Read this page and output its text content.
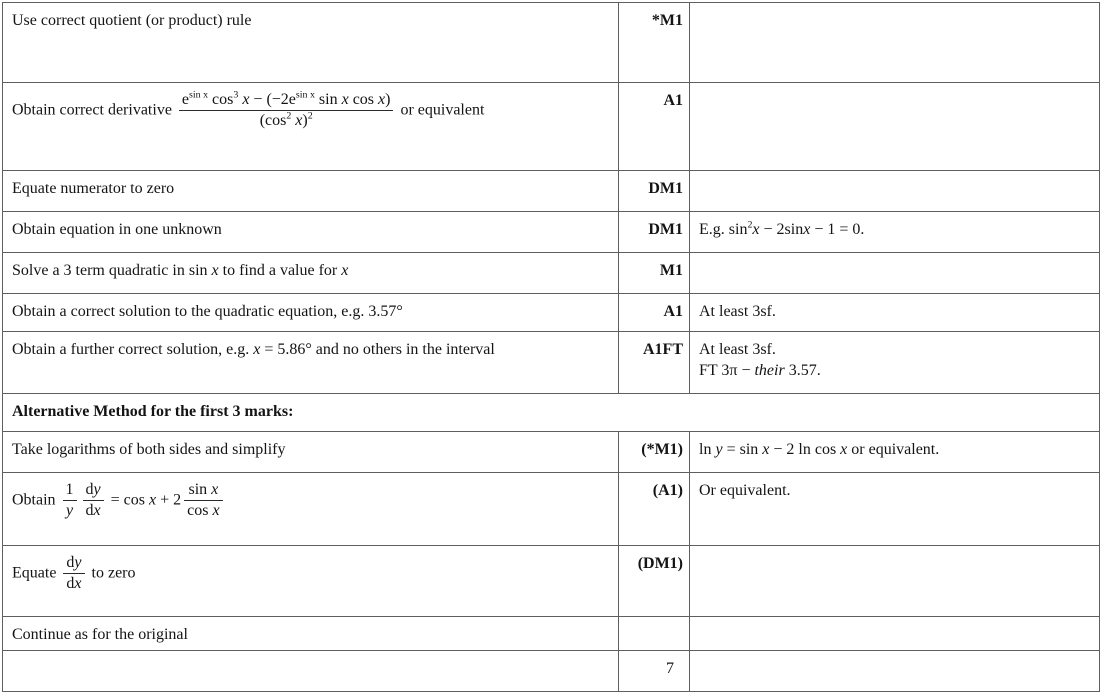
Use correct quotient (or product) rule	*M1	

Obtain correct derivative $\frac{e^{sin x} \cos^3 x - (-2e^{sin x} \sin x \cos x)}{(\cos^2 x)^2}$ or equivalent	A1	

Equate numerator to zero	DM1	

Obtain equation in one unknown	DM1	E.g. $\sin^2x - 2\sin x - 1 = 0$.

Solve a 3 term quadratic in sin x to find a value for x	M1	

Obtain a correct solution to the quadratic equation, e.g. 3.57°	A1	At least 3sf.

Obtain a further correct solution, e.g. x = 5.86° and no others in the interval	A1FT	At least 3sf.
FT 3π − their 3.57.

Alternative Method for the first 3 marks:		

Take logarithms of both sides and simplify	(*M1)	ln y = sin x − 2 ln cos x or equivalent.

Obtain $\frac{1}{y} \frac{dy}{dx} = \cos x + 2 \frac{\text{sin x}}{\text{cos x}}$	(A1)	Or equivalent.

Equate $\frac{dy}{dx}$ to zero	(DM1)	

Continue as for the original		

	7	
